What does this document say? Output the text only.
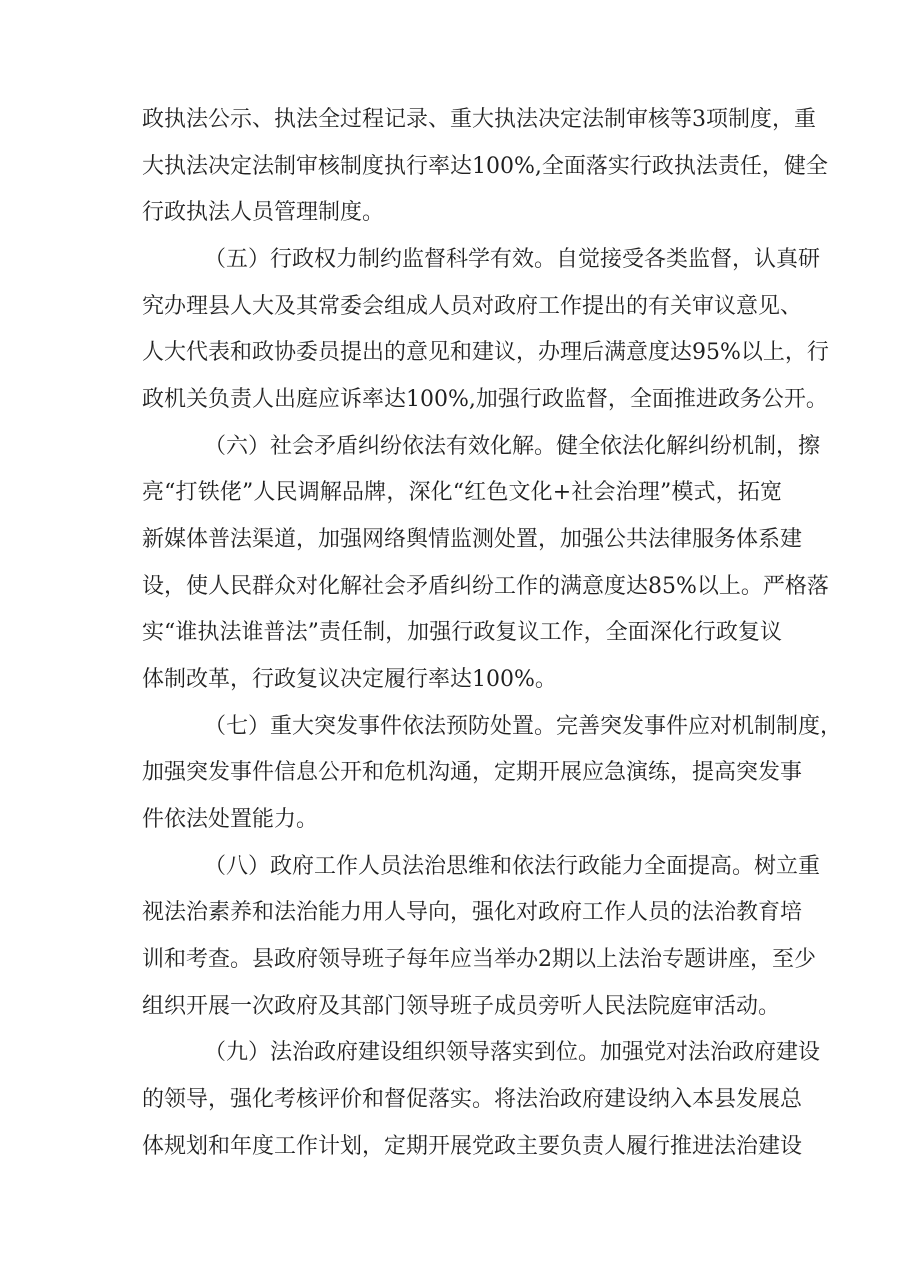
政执法公示、执法全过程记录、重大执法决定法制审核等3项制度，重
大执法决定法制审核制度执行率达100%,全面落实行政执法责任，健全
行政执法人员管理制度。
（五）行政权力制约监督科学有效。自觉接受各类监督，认真研
究办理县人大及其常委会组成人员对政府工作提出的有关审议意见、
人大代表和政协委员提出的意见和建议，办理后满意度达95%以上，行
政机关负责人出庭应诉率达100%,加强行政监督，全面推进政务公开。
（六）社会矛盾纠纷依法有效化解。健全依法化解纠纷机制，擦
亮“打铁佬”人民调解品牌，深化“红色文化+社会治理”模式，拓宽
新媒体普法渠道，加强网络舆情监测处置，加强公共法律服务体系建
设，使人民群众对化解社会矛盾纠纷工作的满意度达85%以上。严格落
实“谁执法谁普法”责任制，加强行政复议工作，全面深化行政复议
体制改革，行政复议决定履行率达100%。
（七）重大突发事件依法预防处置。完善突发事件应对机制制度，
加强突发事件信息公开和危机沟通，定期开展应急演练，提高突发事
件依法处置能力。
（八）政府工作人员法治思维和依法行政能力全面提高。树立重
视法治素养和法治能力用人导向，强化对政府工作人员的法治教育培
训和考查。县政府领导班子每年应当举办2期以上法治专题讲座，至少
组织开展一次政府及其部门领导班子成员旁听人民法院庭审活动。
（九）法治政府建设组织领导落实到位。加强党对法治政府建设
的领导，强化考核评价和督促落实。将法治政府建设纳入本县发展总
体规划和年度工作计划，定期开展党政主要负责人履行推进法治建设
